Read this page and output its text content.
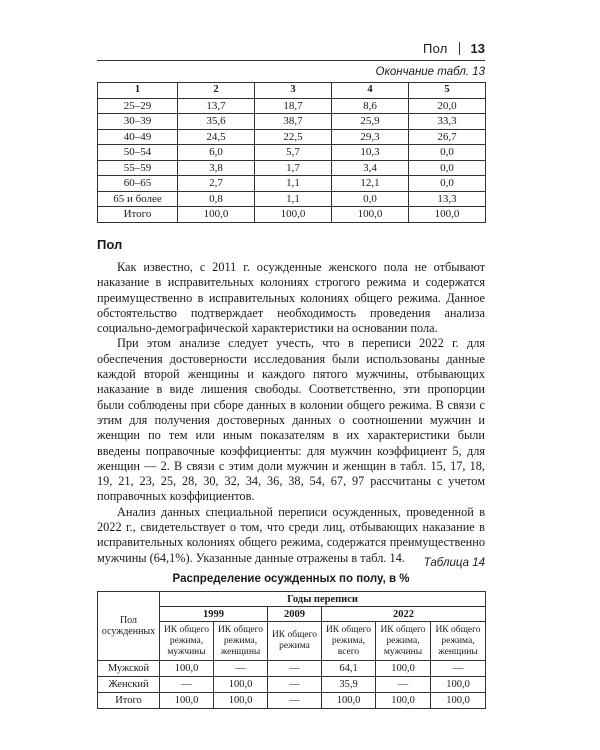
Пол 13
Окончание табл. 13
1	2	3	4	5
25–29	13,7	18,7	8,6	20,0
30–39	35,6	38,7	25,9	33,3
40–49	24,5	22,5	29,3	26,7
50–54	6,0	5,7	10,3	0,0
55–59	3,8	1,7	3,4	0,0
60–65	2,7	1,1	12,1	0,0
65 и более	0,8	1,1	0,0	13,3
Итого	100,0	100,0	100,0	100,0
Пол

Как известно, с 2011 г. осужденные женского пола не отбывают наказание в исправительных колониях строгого режима и содержатся преимущественно в исправительных колониях общего режима. Данное обстоятельство подтверждает необходимость проведения анализа социально-демографической характеристики на основании пола.

При этом анализе следует учесть, что в переписи 2022 г. для обеспечения достоверности исследования были использованы данные каждой второй женщины и каждого пятого мужчины, отбывающих наказание в виде лишения свободы. Соответственно, эти пропорции были соблюдены при сборе данных в колонии общего режима. В связи с этим для получения достоверных данных о соотношении мужчин и женщин по тем или иным показателям в их характеристики были введены поправочные коэффициенты: для мужчин коэффициент 5, для женщин — 2. В связи с этим доли мужчин и женщин в табл. 15, 17, 18, 19, 21, 23, 25, 28, 30, 32, 34, 36, 38, 54, 67, 97 рассчитаны с учетом поправочных коэффициентов.

Анализ данных специальной переписи осужденных, проведенной в 2022 г., свидетельствует о том, что среди лиц, отбывающих наказание в исправительных колониях общего режима, содержатся преимущественно мужчины (64,1%). Указанные данные отражены в табл. 14.	Таблица 14
Распределение осужденных по полу, в %
Пол осужденных	Годы переписи					
	1999		2009	2022		
	ИК общего режима, мужчины	ИК общего режима, женщины	ИК общего режима	ИК общего режима, всего	ИК общего режима, мужчины	ИК общего режима, женщины
Мужской	100,0	—	—	64,1	100,0	—
Женский	—	100,0	—	35,9	—	100,0
Итого	100,0	100,0	—	100,0	100,0	100,0
